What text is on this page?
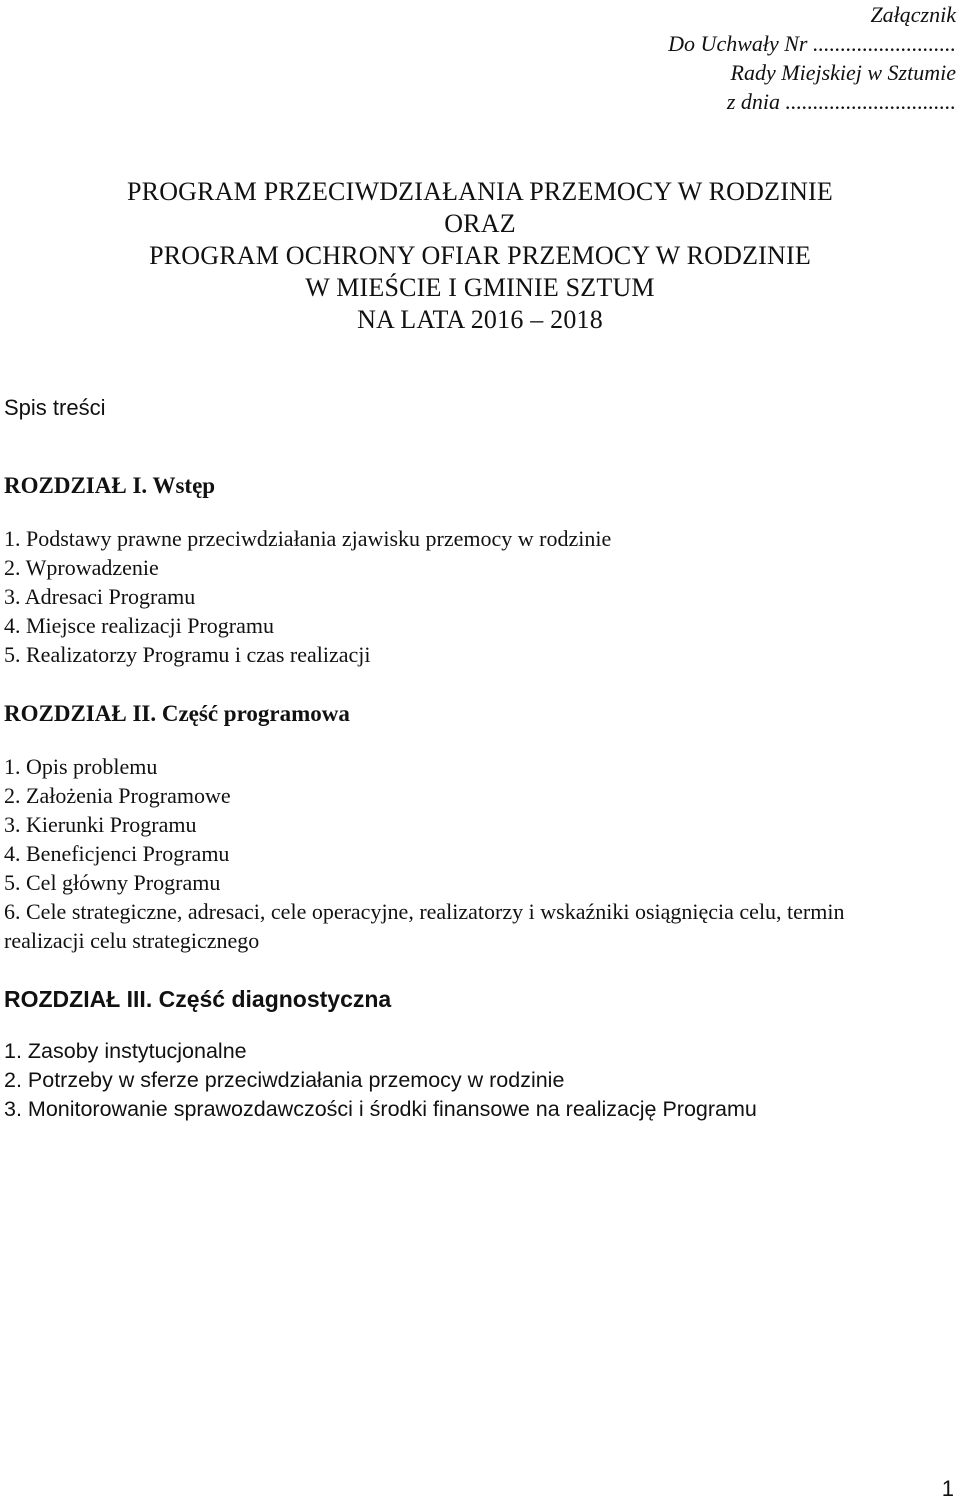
Załącznik
Do Uchwały Nr ..........................
Rady Miejskiej w Sztumie
z dnia ...............................
PROGRAM PRZECIWDZIAŁANIA PRZEMOCY W RODZINIE
ORAZ
PROGRAM OCHRONY OFIAR PRZEMOCY W RODZINIE
W MIEŚCIE I GMINIE SZTUM
NA LATA 2016 – 2018
Spis treści
ROZDZIAŁ I. Wstęp
1. Podstawy prawne przeciwdziałania zjawisku przemocy w rodzinie
2. Wprowadzenie
3. Adresaci Programu
4. Miejsce realizacji Programu
5. Realizatorzy Programu i czas realizacji
ROZDZIAŁ II. Część programowa
1. Opis problemu
2. Założenia Programowe
3. Kierunki Programu
4. Beneficjenci Programu
5. Cel główny Programu
6. Cele strategiczne, adresaci, cele operacyjne, realizatorzy i wskaźniki osiągnięcia celu, termin realizacji celu strategicznego
ROZDZIAŁ III. Część diagnostyczna
1. Zasoby instytucjonalne
2. Potrzeby w sferze przeciwdziałania przemocy w rodzinie
3. Monitorowanie sprawozdawczości i środki finansowe na realizację Programu
1
